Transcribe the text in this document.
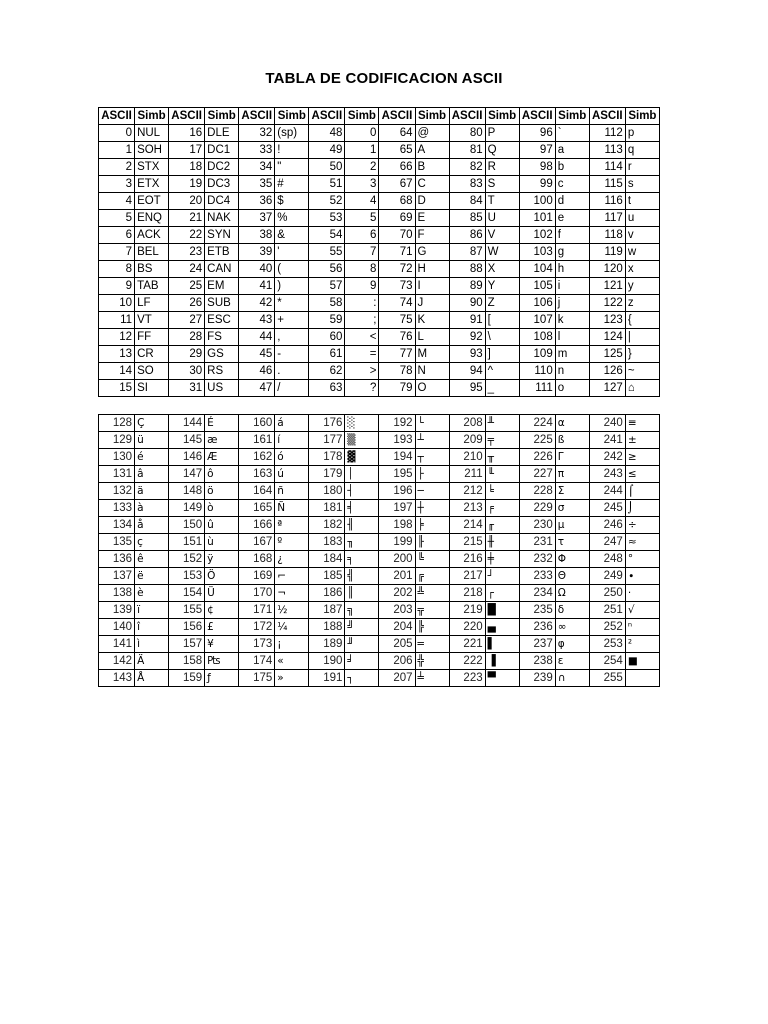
TABLA DE CODIFICACION ASCII
ASCII	Simb	ASCII	Simb	ASCII	Simb	ASCII	Simb	ASCII	Simb	ASCII	Simb	ASCII	Simb	ASCII	Simb
0	NUL	16	DLE	32	(sp)	48	0	64	@	80	P	96	`	112	p
1	SOH	17	DC1	33	!	49	1	65	A	81	Q	97	a	113	q
2	STX	18	DC2	34	"	50	2	66	B	82	R	98	b	114	r
3	ETX	19	DC3	35	#	51	3	67	C	83	S	99	c	115	s
4	EOT	20	DC4	36	$	52	4	68	D	84	T	100	d	116	t
5	ENQ	21	NAK	37	%	53	5	69	E	85	U	101	e	117	u
6	ACK	22	SYN	38	&	54	6	70	F	86	V	102	f	118	v
7	BEL	23	ETB	39	'	55	7	71	G	87	W	103	g	119	w
8	BS	24	CAN	40	(	56	8	72	H	88	X	104	h	120	x
9	TAB	25	EM	41	)	57	9	73	I	89	Y	105	i	121	y
10	LF	26	SUB	42	*	58	:	74	J	90	Z	106	j	122	z
11	VT	27	ESC	43	+	59	;	75	K	91	[	107	k	123	{
12	FF	28	FS	44	,	60	<	76	L	92	\	108	l	124	|
13	CR	29	GS	45	-	61	=	77	M	93	]	109	m	125	}
14	SO	30	RS	46	.	62	>	78	N	94	^	110	n	126	~
15	SI	31	US	47	/	63	?	79	O	95	_	111	o	127	⌂
128	Ç	144	É	160	á	176	░	192	└	208	╨	224	α	240	≡
129	ü	145	æ	161	í	177	▒	193	┴	209	╤	225	ß	241	±
130	é	146	Æ	162	ó	178	▓	194	┬	210	╥	226	Γ	242	≥
131	â	147	ô	163	ú	179	│	195	├	211	╙	227	π	243	≤
132	ä	148	ö	164	ñ	180	┤	196	─	212	╘	228	Σ	244	⌠
133	à	149	ò	165	Ñ	181	╡	197	┼	213	╒	229	σ	245	⌡
134	å	150	û	166	ª	182	╢	198	╞	214	╓	230	µ	246	÷
135	ç	151	ù	167	º	183	╖	199	╟	215	╫	231	τ	247	≈
136	ê	152	ÿ	168	¿	184	╕	200	╚	216	╪	232	Φ	248	°
137	ë	153	Ö	169	⌐	185	╣	201	╔	217	┘	233	Θ	249	∙
138	è	154	Ü	170	¬	186	║	202	╩	218	┌	234	Ω	250	·
139	ï	155	¢	171	½	187	╗	203	╦	219	█	235	δ	251	√
140	î	156	£	172	¼	188	╝	204	╠	220	▄	236	∞	252	ⁿ
141	ì	157	¥	173	¡	189	╜	205	═	221	▌	237	φ	253	²
142	Ä	158	₧	174	«	190	╛	206	╬	222	▐	238	ε	254	■
143	Å	159	ƒ	175	»	191	┐	207	╧	223	▀	239	∩	255	
